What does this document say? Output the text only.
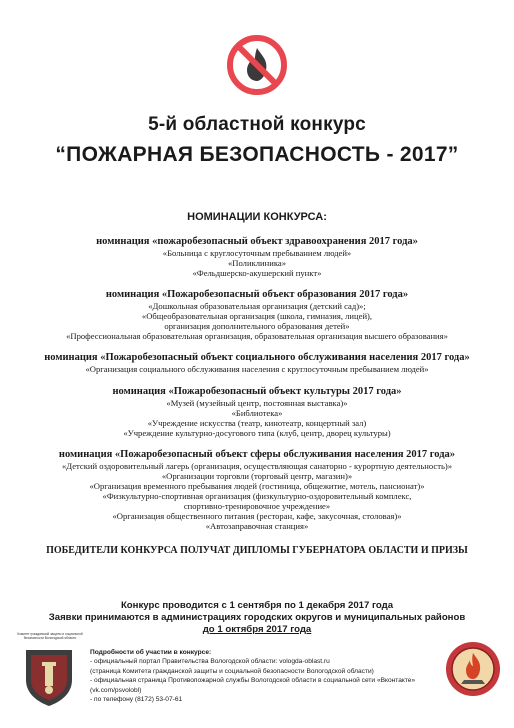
5-й областной конкурс
“ПОЖАРНАЯ БЕЗОПАСНОСТЬ - 2017”
НОМИНАЦИИ КОНКУРСА:
номинация «пожаробезопасный объект здравоохранения 2017 года»
«Больница с круглосуточным пребыванием людей»
«Поликлиника»
«Фельдшерско-акушерский пункт»
номинация «Пожаробезопасный объект образования 2017 года»
«Дошкольная образовательная организация (детский сад)»;
«Общеобразовательная организация (школа, гимназия, лицей),
организация дополнительного образования детей»
«Профессиональная образовательная организация, образовательная организация высшего образования»
номинация «Пожаробезопасный объект социального обслуживания населения 2017 года»
«Организация социального обслуживания населения с круглосуточным пребыванием людей»
номинация «Пожаробезопасный объект культуры 2017 года»
«Музей (музейный центр, постоянная выставка)»
«Библиотека»
«Учреждение искусства (театр, кинотеатр, концертный зал)
«Учреждение культурно-досугового типа (клуб, центр, дворец культуры)
номинация «Пожаробезопасный объект сферы обслуживания населения 2017 года»
«Детский оздоровительный лагерь (организация, осуществляющая санаторно - курортную деятельность)»
«Организации торговли (торговый центр, магазин)»
«Организация временного пребывания людей (гостиница, общежитие, мотель, пансионат)»
«Физкультурно-спортивная организация (физкультурно-оздоровительный комплекс,
спортивно-тренировочное учреждение»
«Организация общественного питания (ресторан, кафе, закусочная, столовая)»
«Автозаправочная станция»
ПОБЕДИТЕЛИ КОНКУРСА ПОЛУЧАТ ДИПЛОМЫ ГУБЕРНАТОРА ОБЛАСТИ И ПРИЗЫ
Конкурс проводится с 1 сентября по 1 декабря 2017 года
Заявки принимаются в администрациях городских округов и муниципальных районов
до 1 октября 2017 года
Комитет гражданской защиты и социальной безопасности Вологодской области
Подробности об участии в конкурсе:
- официальный портал Правительства Вологодской области: vologda-oblast.ru
(страница Комитета гражданской защиты и социальной безопасности Вологодской области)
- официальная страница Противопожарной службы Вологодской области в социальной сети «Вконтакте»
(vk.com/psvolobl)
- по телефону (8172) 53-07-61
